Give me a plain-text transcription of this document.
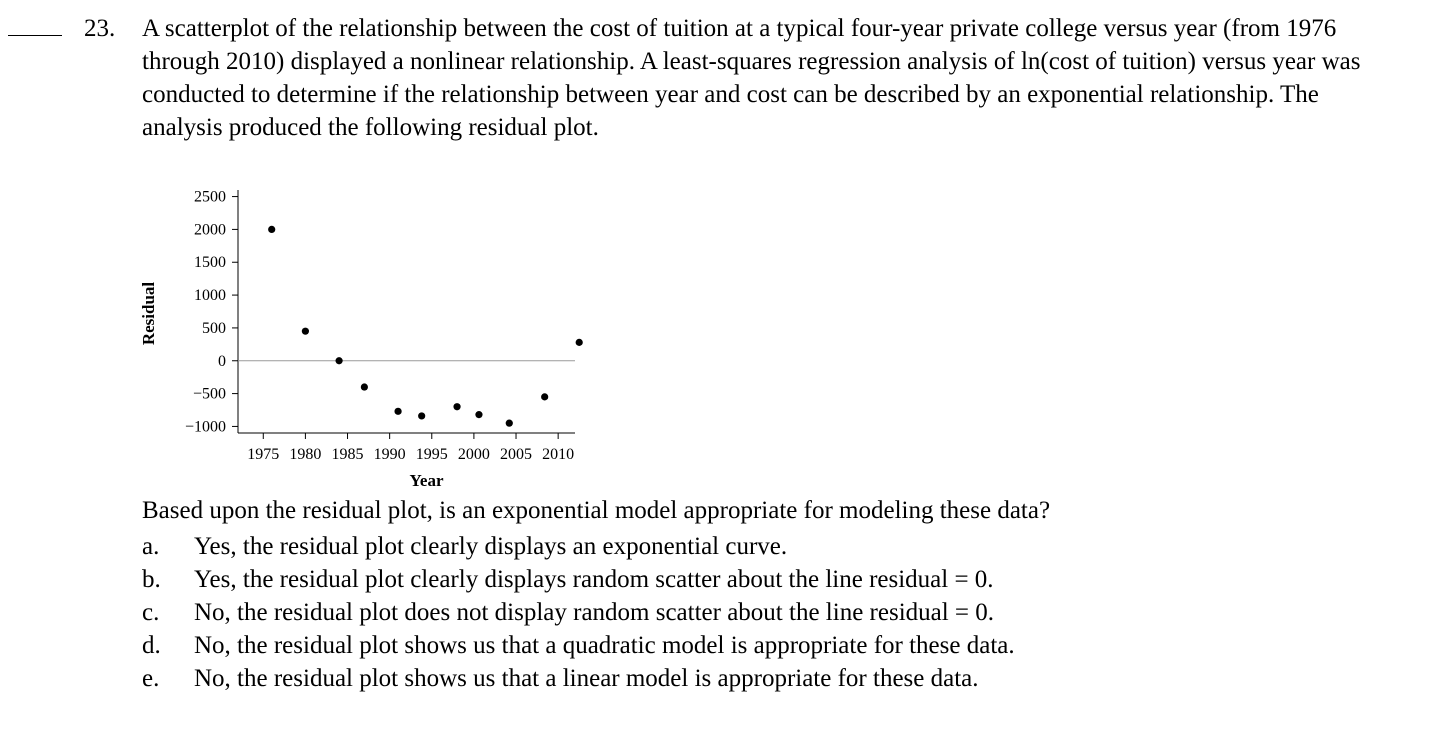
23. A scatterplot of the relationship between the cost of tuition at a typical four-year private college versus year (from 1976 through 2010) displayed a nonlinear relationship. A least-squares regression analysis of ln(cost of tuition) versus year was conducted to determine if the relationship between year and cost can be described by an exponential relationship. The analysis produced the following residual plot.

−1000
−500
0
500
1000
1500
2000
2500
1975 1980 1985 1990 1995 2000 2005 2010
Year
Residual

Based upon the residual plot, is an exponential model appropriate for modeling these data?

a. Yes, the residual plot clearly displays an exponential curve.
b. Yes, the residual plot clearly displays random scatter about the line residual = 0.
c. No, the residual plot does not display random scatter about the line residual = 0.
d. No, the residual plot shows us that a quadratic model is appropriate for these data.
e. No, the residual plot shows us that a linear model is appropriate for these data.
